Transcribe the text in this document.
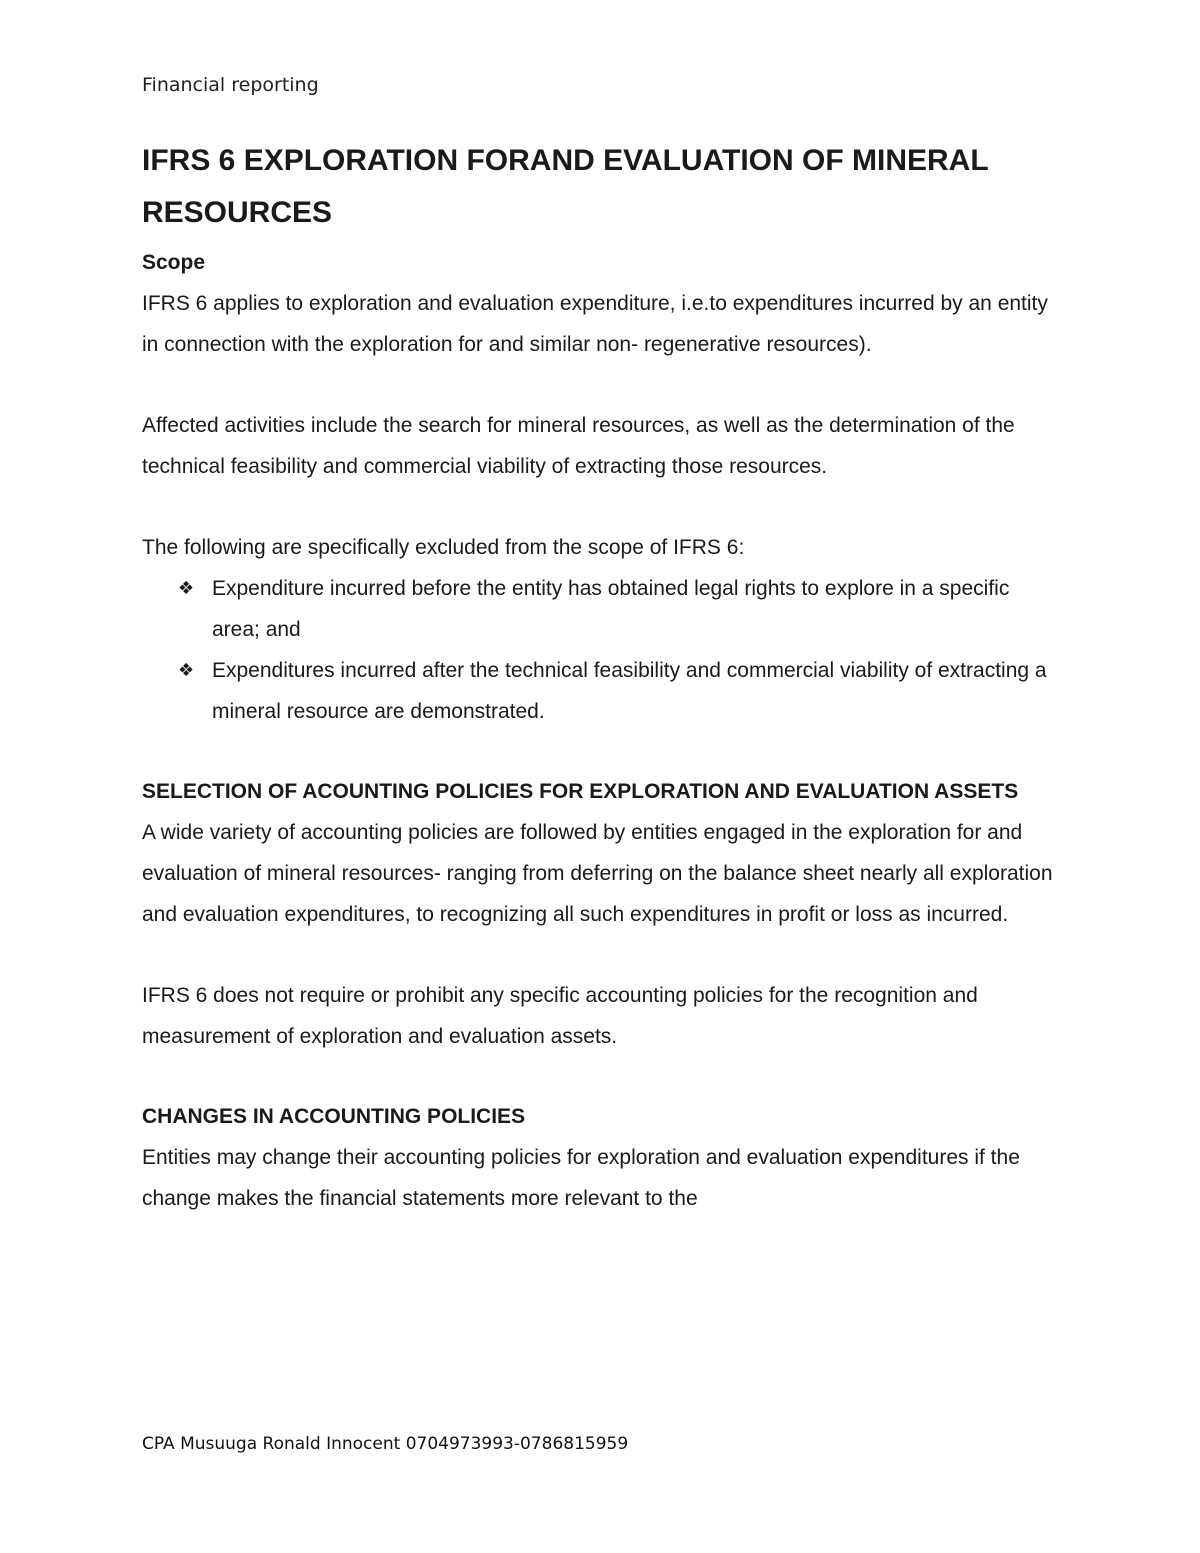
Financial reporting
IFRS 6 EXPLORATION FORAND EVALUATION OF MINERAL RESOURCES
Scope

IFRS 6 applies to exploration and evaluation expenditure, i.e.to expenditures incurred by an entity in connection with the exploration for and similar non- regenerative resources).

Affected activities include the search for mineral resources, as well as the determination of the technical feasibility and commercial viability of extracting those resources.

The following are specifically excluded from the scope of IFRS 6:

❖ Expenditure incurred before the entity has obtained legal rights to explore in a specific area; and
❖ Expenditures incurred after the technical feasibility and commercial viability of extracting a mineral resource are demonstrated.
SELECTION OF ACOUNTING POLICIES FOR EXPLORATION AND EVALUATION ASSETS

A wide variety of accounting policies are followed by entities engaged in the exploration for and evaluation of mineral resources- ranging from deferring on the balance sheet nearly all exploration and evaluation expenditures, to recognizing all such expenditures in profit or loss as incurred.

IFRS 6 does not require or prohibit any specific accounting policies for the recognition and measurement of exploration and evaluation assets.

CHANGES IN ACCOUNTING POLICIES

Entities may change their accounting policies for exploration and evaluation expenditures if the change makes the financial statements more relevant to the

CPA Musuuga Ronald Innocent 0704973993-0786815959
